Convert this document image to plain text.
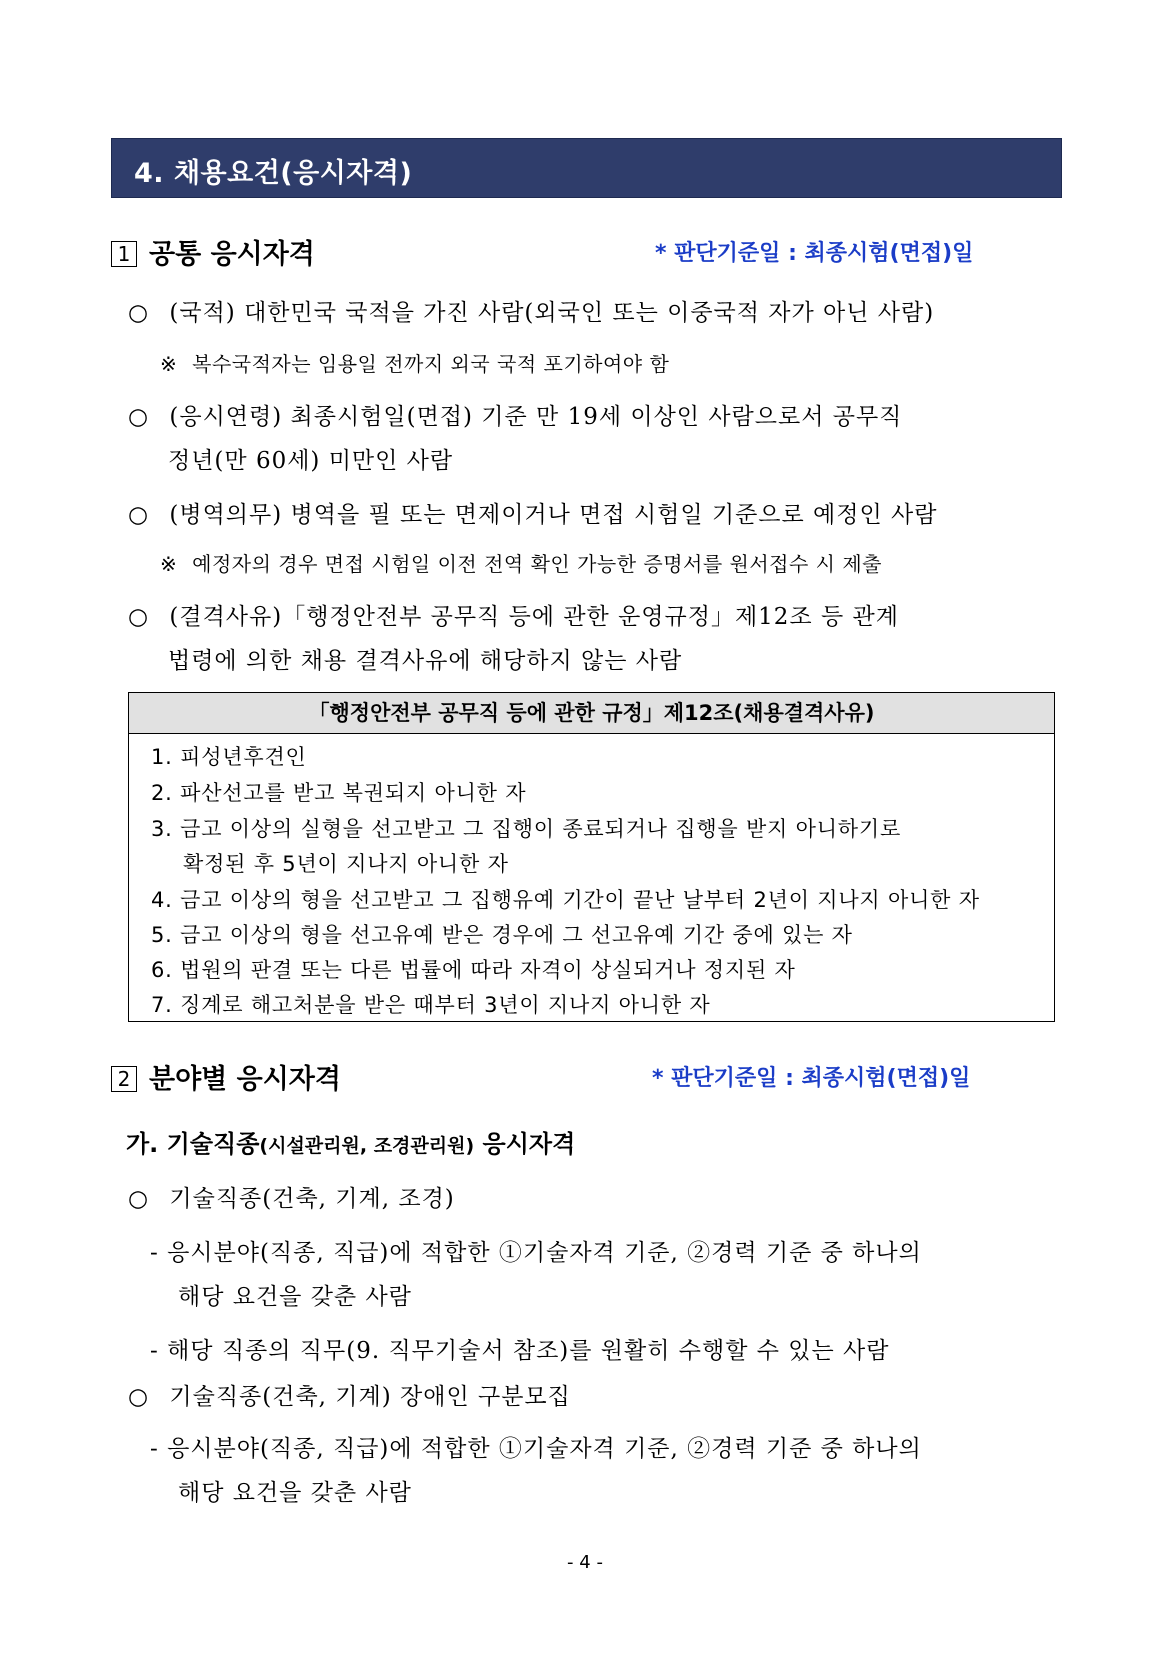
4. 채용요건(응시자격)
1 공통 응시자격	* 판단기준일 : 최종시험(면접)일
○ (국적) 대한민국 국적을 가진 사람(외국인 또는 이중국적 자가 아닌 사람)
※ 복수국적자는 임용일 전까지 외국 국적 포기하여야 함
○ (응시연령) 최종시험일(면접) 기준 만 19세 이상인 사람으로서 공무직
정년(만 60세) 미만인 사람
○ (병역의무) 병역을 필 또는 면제이거나 면접 시험일 기준으로 예정인 사람
※ 예정자의 경우 면접 시험일 이전 전역 확인 가능한 증명서를 원서접수 시 제출
○ (결격사유)「행정안전부 공무직 등에 관한 운영규정」제12조 등 관계
법령에 의한 채용 결격사유에 해당하지 않는 사람
「행정안전부 공무직 등에 관한 규정」제12조(채용결격사유)
1. 피성년후견인
2. 파산선고를 받고 복권되지 아니한 자
3. 금고 이상의 실형을 선고받고 그 집행이 종료되거나 집행을 받지 아니하기로
확정된 후 5년이 지나지 아니한 자
4. 금고 이상의 형을 선고받고 그 집행유예 기간이 끝난 날부터 2년이 지나지 아니한 자
5. 금고 이상의 형을 선고유예 받은 경우에 그 선고유예 기간 중에 있는 자
6. 법원의 판결 또는 다른 법률에 따라 자격이 상실되거나 정지된 자
7. 징계로 해고처분을 받은 때부터 3년이 지나지 아니한 자
2 분야별 응시자격	* 판단기준일 : 최종시험(면접)일
가. 기술직종(시설관리원, 조경관리원) 응시자격
○ 기술직종(건축, 기계, 조경)
- 응시분야(직종, 직급)에 적합한 ①기술자격 기준, ②경력 기준 중 하나의
해당 요건을 갖춘 사람
- 해당 직종의 직무(9. 직무기술서 참조)를 원활히 수행할 수 있는 사람
○ 기술직종(건축, 기계) 장애인 구분모집
- 응시분야(직종, 직급)에 적합한 ①기술자격 기준, ②경력 기준 중 하나의
해당 요건을 갖춘 사람
- 4 -
